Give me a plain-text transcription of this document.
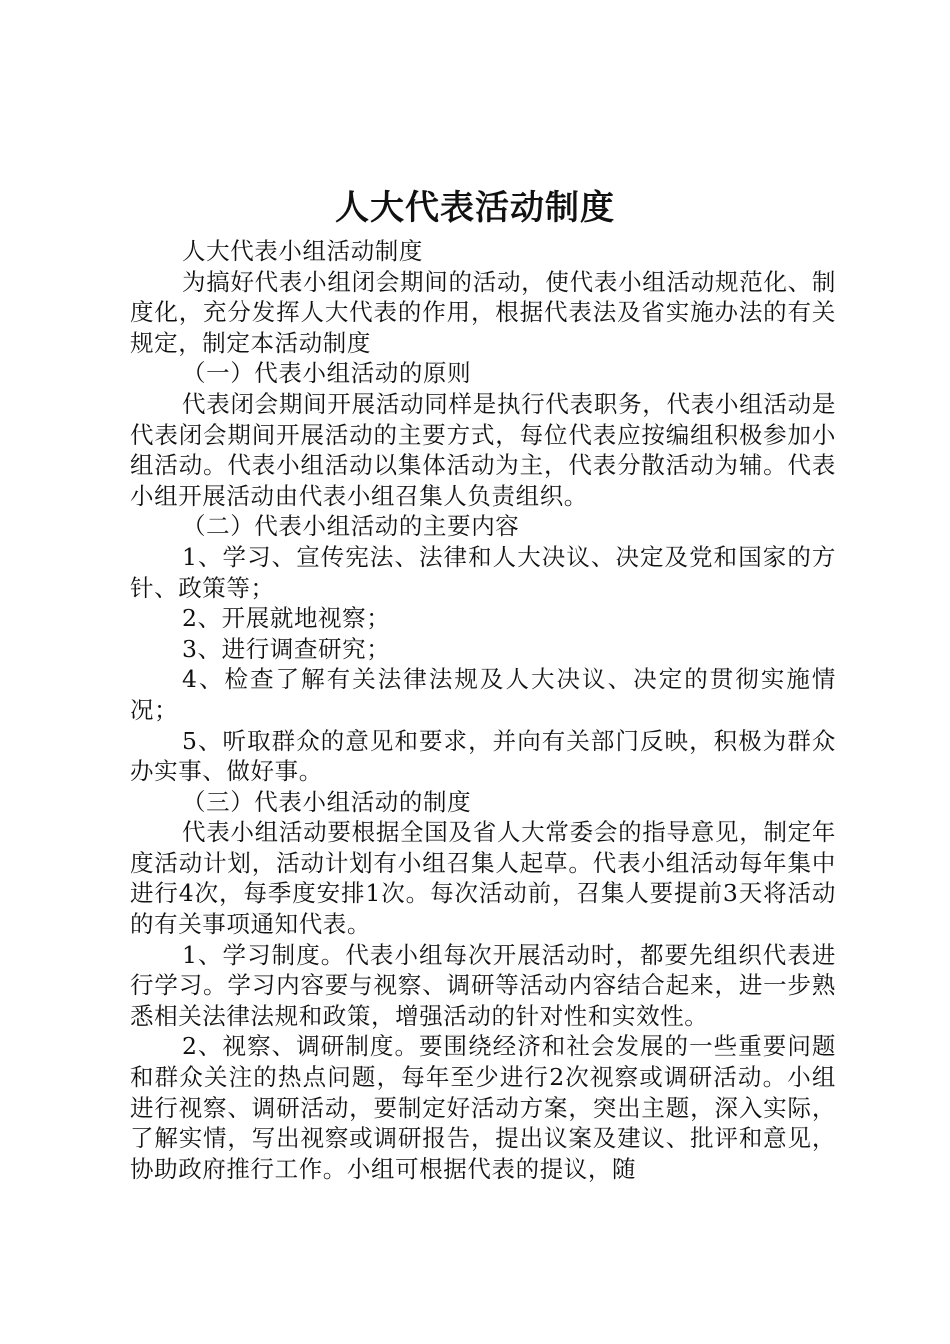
人大代表活动制度

人大代表小组活动制度

为搞好代表小组闭会期间的活动，使代表小组活动规范化、制度化，充分发挥人大代表的作用，根据代表法及省实施办法的有关规定，制定本活动制度

（一）代表小组活动的原则

代表闭会期间开展活动同样是执行代表职务，代表小组活动是代表闭会期间开展活动的主要方式，每位代表应按编组积极参加小组活动。代表小组活动以集体活动为主，代表分散活动为辅。代表小组开展活动由代表小组召集人负责组织。

（二）代表小组活动的主要内容

1、学习、宣传宪法、法律和人大决议、决定及党和国家的方针、政策等；

2、开展就地视察；

3、进行调查研究；

4、检查了解有关法律法规及人大决议、决定的贯彻实施情况；

5、听取群众的意见和要求，并向有关部门反映，积极为群众办实事、做好事。

（三）代表小组活动的制度

代表小组活动要根据全国及省人大常委会的指导意见，制定年度活动计划，活动计划有小组召集人起草。代表小组活动每年集中进行4次，每季度安排1次。每次活动前，召集人要提前3天将活动的有关事项通知代表。

1、学习制度。代表小组每次开展活动时，都要先组织代表进行学习。学习内容要与视察、调研等活动内容结合起来，进一步熟悉相关法律法规和政策，增强活动的针对性和实效性。

2、视察、调研制度。要围绕经济和社会发展的一些重要问题和群众关注的热点问题，每年至少进行2次视察或调研活动。小组进行视察、调研活动，要制定好活动方案，突出主题，深入实际，了解实情，写出视察或调研报告，提出议案及建议、批评和意见，协助政府推行工作。小组可根据代表的提议，随
